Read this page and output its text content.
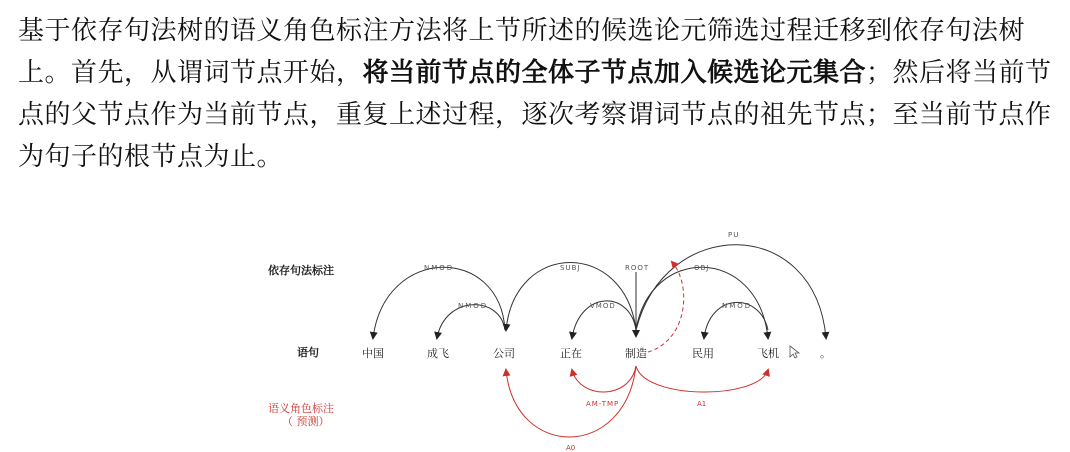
基于依存句法树的语义角色标注方法将上节所述的候选论元筛选过程迁移到依存句法树上。首先，从谓词节点开始，将当前节点的全体子节点加入候选论元集合；然后将当前节点的父节点作为当前节点，重复上述过程，逐次考察谓词节点的祖先节点；至当前节点作为句子的根节点为止。
依存句法标注
语句
语义角色标注
（ 预测）
中国	成飞	公司	正在	制造	民用	飞机	。
NMOD
NMOD
SUBJ	ROOT
VMOD
OBJ
NMOD
PU
AM-TMP	A1
A0
